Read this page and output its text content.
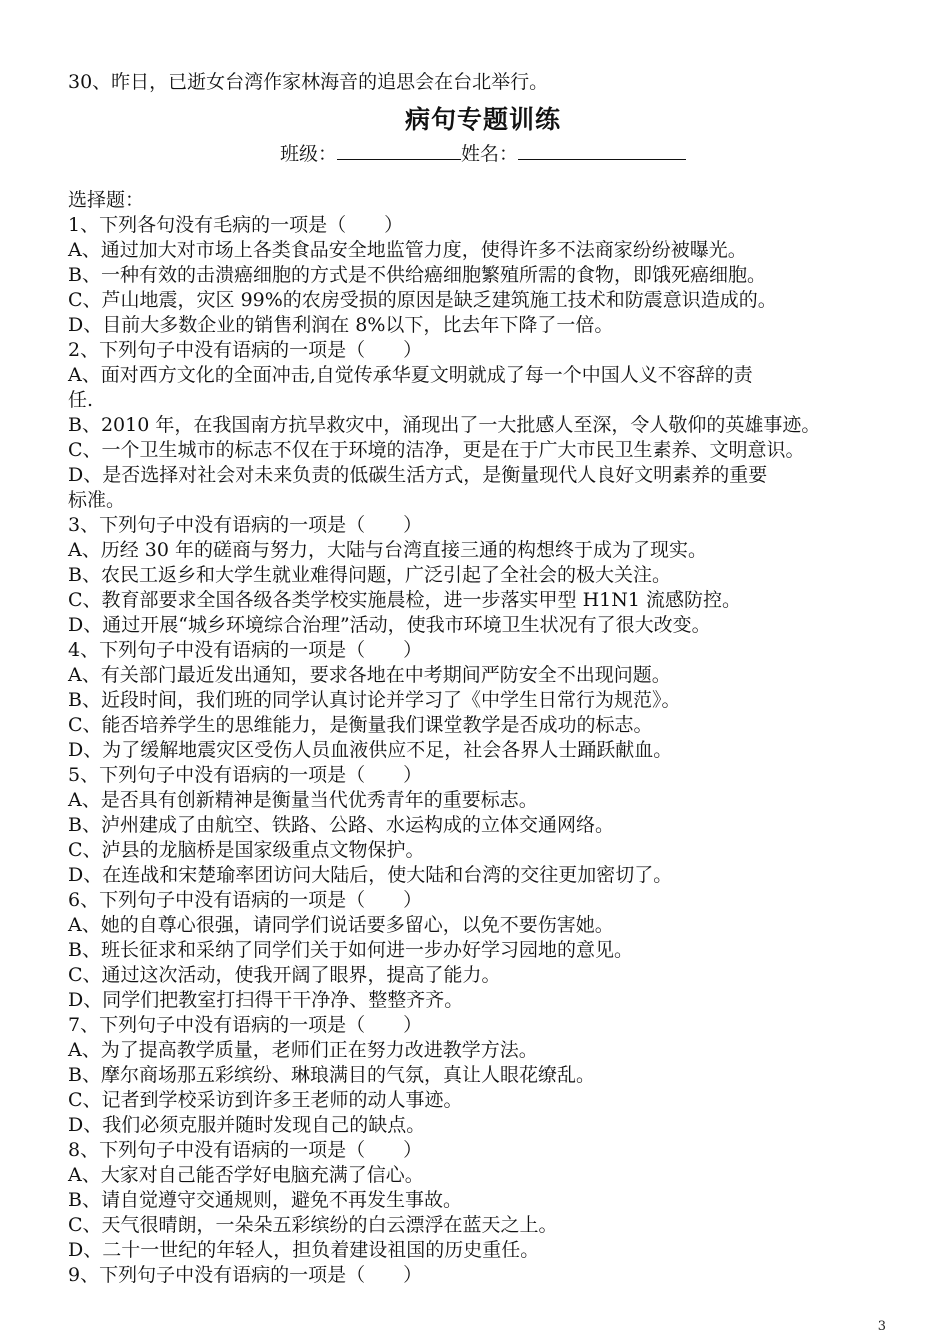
30、昨日，已逝女台湾作家林海音的追思会在台北举行。
病句专题训练
班级：	姓名：
选择题：
1、下列各句没有毛病的一项是（　　）
A、通过加大对市场上各类食品安全地监管力度，使得许多不法商家纷纷被曝光。
B、一种有效的击溃癌细胞的方式是不供给癌细胞繁殖所需的食物，即饿死癌细胞。
C、芦山地震，灾区 99%的农房受损的原因是缺乏建筑施工技术和防震意识造成的。
D、目前大多数企业的销售利润在 8%以下，比去年下降了一倍。
2、下列句子中没有语病的一项是（　　）
A、面对西方文化的全面冲击,自觉传承华夏文明就成了每一个中国人义不容辞的责
任.
B、2010 年，在我国南方抗旱救灾中，涌现出了一大批感人至深，令人敬仰的英雄事迹。
C、一个卫生城市的标志不仅在于环境的洁净，更是在于广大市民卫生素养、文明意识。
D、是否选择对社会对未来负责的低碳生活方式，是衡量现代人良好文明素养的重要
标准。
3、下列句子中没有语病的一项是（　　）
A、历经 30 年的磋商与努力，大陆与台湾直接三通的构想终于成为了现实。
B、农民工返乡和大学生就业难得问题，广泛引起了全社会的极大关注。
C、教育部要求全国各级各类学校实施晨检，进一步落实甲型 H1N1 流感防控。
D、通过开展“城乡环境综合治理”活动，使我市环境卫生状况有了很大改变。
4、下列句子中没有语病的一项是（　　）
A、有关部门最近发出通知，要求各地在中考期间严防安全不出现问题。
B、近段时间，我们班的同学认真讨论并学习了《中学生日常行为规范》。
C、能否培养学生的思维能力，是衡量我们课堂教学是否成功的标志。
D、为了缓解地震灾区受伤人员血液供应不足，社会各界人士踊跃献血。
5、下列句子中没有语病的一项是（　　）
A、是否具有创新精神是衡量当代优秀青年的重要标志。
B、泸州建成了由航空、铁路、公路、水运构成的立体交通网络。
C、泸县的龙脑桥是国家级重点文物保护。
D、在连战和宋楚瑜率团访问大陆后，使大陆和台湾的交往更加密切了。
6、下列句子中没有语病的一项是（　　）
A、她的自尊心很强，请同学们说话要多留心，以免不要伤害她。
B、班长征求和采纳了同学们关于如何进一步办好学习园地的意见。
C、通过这次活动，使我开阔了眼界，提高了能力。
D、同学们把教室打扫得干干净净、整整齐齐。
7、下列句子中没有语病的一项是（　　）
A、为了提高教学质量，老师们正在努力改进教学方法。
B、摩尔商场那五彩缤纷、琳琅满目的气氛，真让人眼花缭乱。
C、记者到学校采访到许多王老师的动人事迹。
D、我们必须克服并随时发现自己的缺点。
8、下列句子中没有语病的一项是（　　）
A、大家对自己能否学好电脑充满了信心。
B、请自觉遵守交通规则，避免不再发生事故。
C、天气很晴朗，一朵朵五彩缤纷的白云漂浮在蓝天之上。
D、二十一世纪的年轻人，担负着建设祖国的历史重任。
9、下列句子中没有语病的一项是（　　）
3
